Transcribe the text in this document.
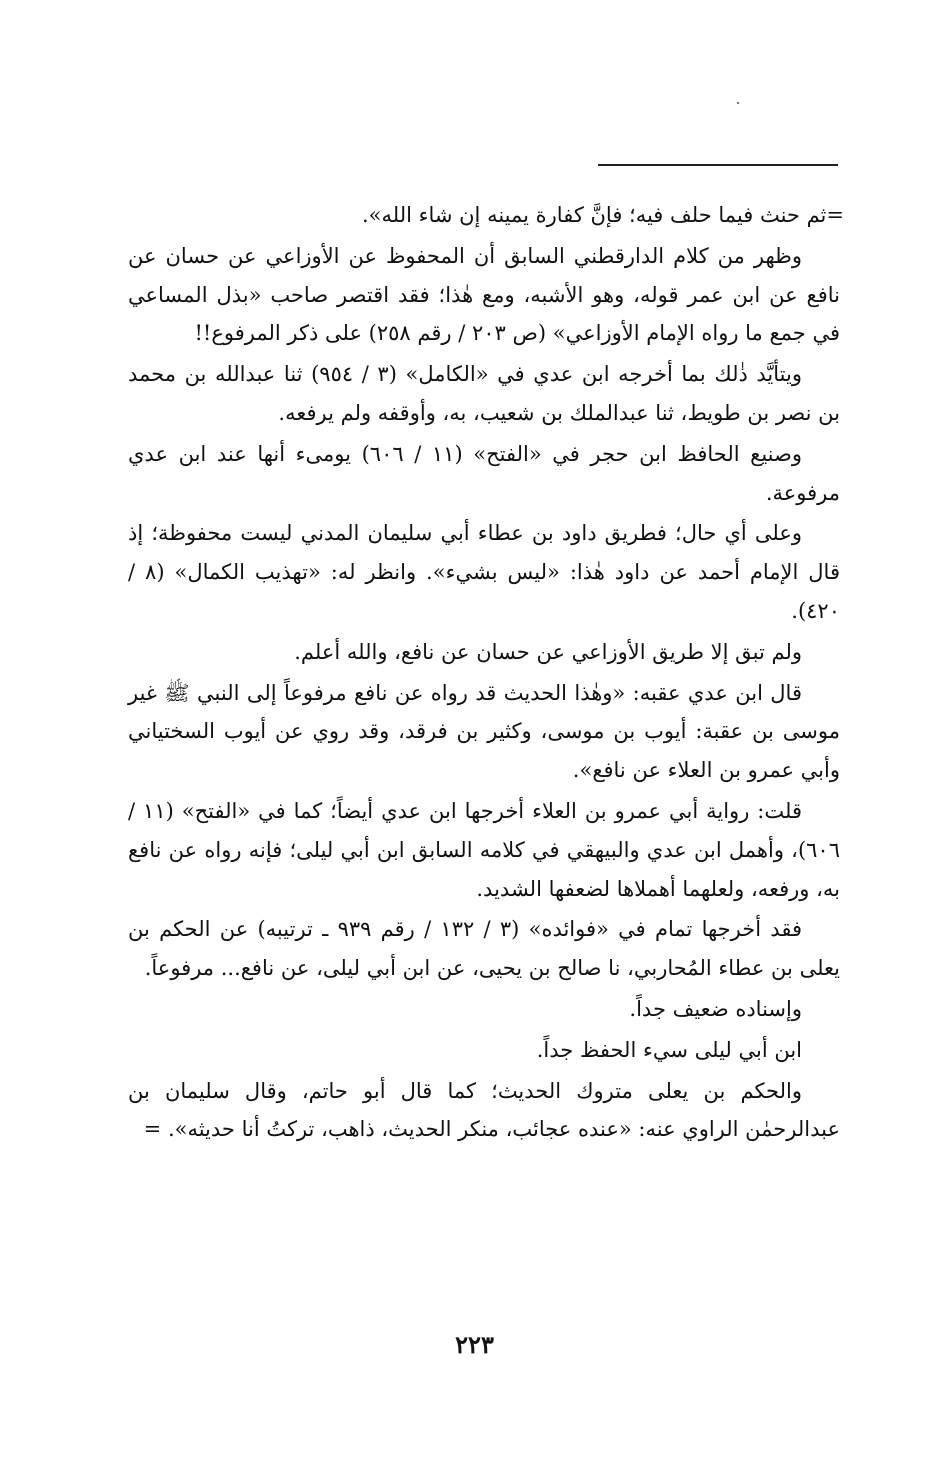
=ثم حنث فيما حلف فيه؛ فإنَّ كفارة يمينه إن شاء الله».

وظهر من كلام الدارقطني السابق أن المحفوظ عن الأوزاعي عن حسان عن نافع عن ابن عمر قوله، وهو الأشبه، ومع هٰذا؛ فقد اقتصر صاحب «بذل المساعي في جمع ما رواه الإمام الأوزاعي» (ص ٢٠٣ / رقم ٢٥٨) على ذكر المرفوع!!

ويتأيَّد ذٰلك بما أخرجه ابن عدي في «الكامل» (٣ / ٩٥٤) ثنا عبدالله بن محمد بن نصر بن طويط، ثنا عبدالملك بن شعيب، به، وأوقفه ولم يرفعه.

وصنيع الحافظ ابن حجر في «الفتح» (١١ / ٦٠٦) يومىء أنها عند ابن عدي مرفوعة.

وعلى أي حال؛ فطريق داود بن عطاء أبي سليمان المدني ليست محفوظة؛ إذ قال الإمام أحمد عن داود هٰذا: «ليس بشيء». وانظر له: «تهذيب الكمال» (٨ / ٤٢٠).

ولم تبق إلا طريق الأوزاعي عن حسان عن نافع، والله أعلم.

قال ابن عدي عقبه: «وهٰذا الحديث قد رواه عن نافع مرفوعاً إلى النبي ﷺ غير موسى بن عقبة: أيوب بن موسى، وكثير بن فرقد، وقد روي عن أيوب السختياني وأبي عمرو بن العلاء عن نافع».

قلت: رواية أبي عمرو بن العلاء أخرجها ابن عدي أيضاً؛ كما في «الفتح» (١١ / ٦٠٦)، وأهمل ابن عدي والبيهقي في كلامه السابق ابن أبي ليلى؛ فإنه رواه عن نافع به، ورفعه، ولعلهما أهملاها لضعفها الشديد.

فقد أخرجها تمام في «فوائده» (٣ / ١٣٢ / رقم ٩٣٩ ـ ترتيبه) عن الحكم بن يعلى بن عطاء المُحاربي، نا صالح بن يحيى، عن ابن أبي ليلى، عن نافع... مرفوعاً.

وإسناده ضعيف جداً.

ابن أبي ليلى سيء الحفظ جداً.

والحكم بن يعلى متروك الحديث؛ كما قال أبو حاتم، وقال سليمان بن عبدالرحمٰن الراوي عنه: «عنده عجائب، منكر الحديث، ذاهب، تركتُ أنا حديثه». =

٢٢٣
